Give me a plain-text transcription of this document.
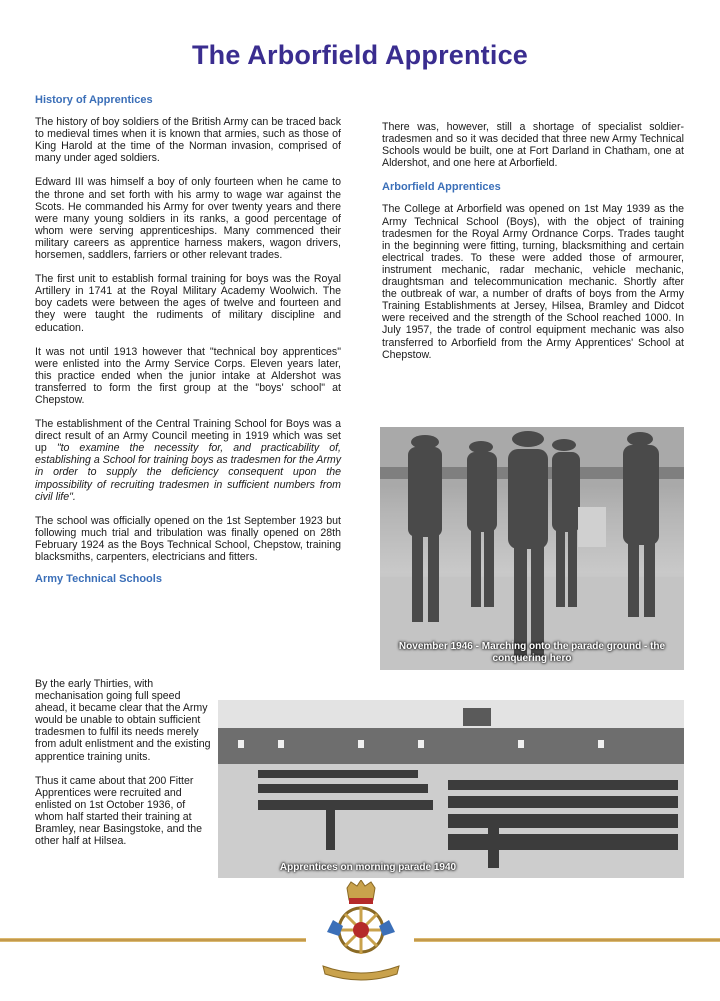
The Arborfield Apprentice
History of Apprentices

The history of boy soldiers of the British Army can be traced back to medieval times when it is known that armies, such as those of King Harold at the time of the Norman invasion, comprised of many under aged soldiers.

Edward III was himself a boy of only fourteen when he came to the throne and set forth with his army to wage war against the Scots. He commanded his Army for over twenty years and there were many young soldiers in its ranks, a good percentage of whom were serving apprenticeships. Many commenced their military careers as apprentice harness makers, wagon drivers, horsemen, saddlers, farriers or other relevant trades.

The first unit to establish formal training for boys was the Royal Artillery in 1741 at the Royal Military Academy Woolwich. The boy cadets were between the ages of twelve and fourteen and they were taught the rudiments of military discipline and education.

It was not until 1913 however that "technical boy apprentices" were enlisted into the Army Service Corps. Eleven years later, this practice ended when the junior intake at Aldershot was transferred to form the first group at the "boys' school" at Chepstow.

The establishment of the Central Training School for Boys was a direct result of an Army Council meeting in 1919 which was set up "to examine the necessity for, and practicability of, establishing a School for training boys as tradesmen for the Army in order to supply the deficiency consequent upon the impossibility of recruiting tradesmen in sufficient numbers from civil life".

The school was officially opened on the 1st September 1923 but following much trial and tribulation was finally opened on 28th February 1924 as the Boys Technical School, Chepstow, training blacksmiths, carpenters, electricians and fitters.

Army Technical Schools

By the early Thirties, with mechanisation going full speed ahead, it became clear that the Army would be unable to obtain sufficient tradesmen to fulfil its needs merely from adult enlistment and the existing apprentice training units.

Thus it came about that 200 Fitter Apprentices were recruited and enlisted on 1st October 1936, of whom half started their training at Bramley, near Basingstoke, and the other half at Hilsea.

There was, however, still a shortage of specialist soldier-tradesmen and so it was decided that three new Army Technical Schools would be built, one at Fort Darland in Chatham, one at Aldershot, and one here at Arborfield.

Arborfield Apprentices

The College at Arborfield was opened on 1st May 1939 as the Army Technical School (Boys), with the object of training tradesmen for the Royal Army Ordnance Corps. Trades taught in the beginning were fitting, turning, blacksmithing and certain electrical trades. To these were added those of armourer, instrument mechanic, radar mechanic, vehicle mechanic, draughtsman and telecommunication mechanic. Shortly after the outbreak of war, a number of drafts of boys from the Army Training Establishments at Jersey, Hilsea, Bramley and Didcot were received and the strength of the School reached 1000. In July 1957, the trade of control equipment mechanic was also transferred to Arborfield from the Army Apprentices' School at Chepstow.

November 1946 - Marching onto the parade ground - the conquering hero
Apprentices on morning parade 1940
